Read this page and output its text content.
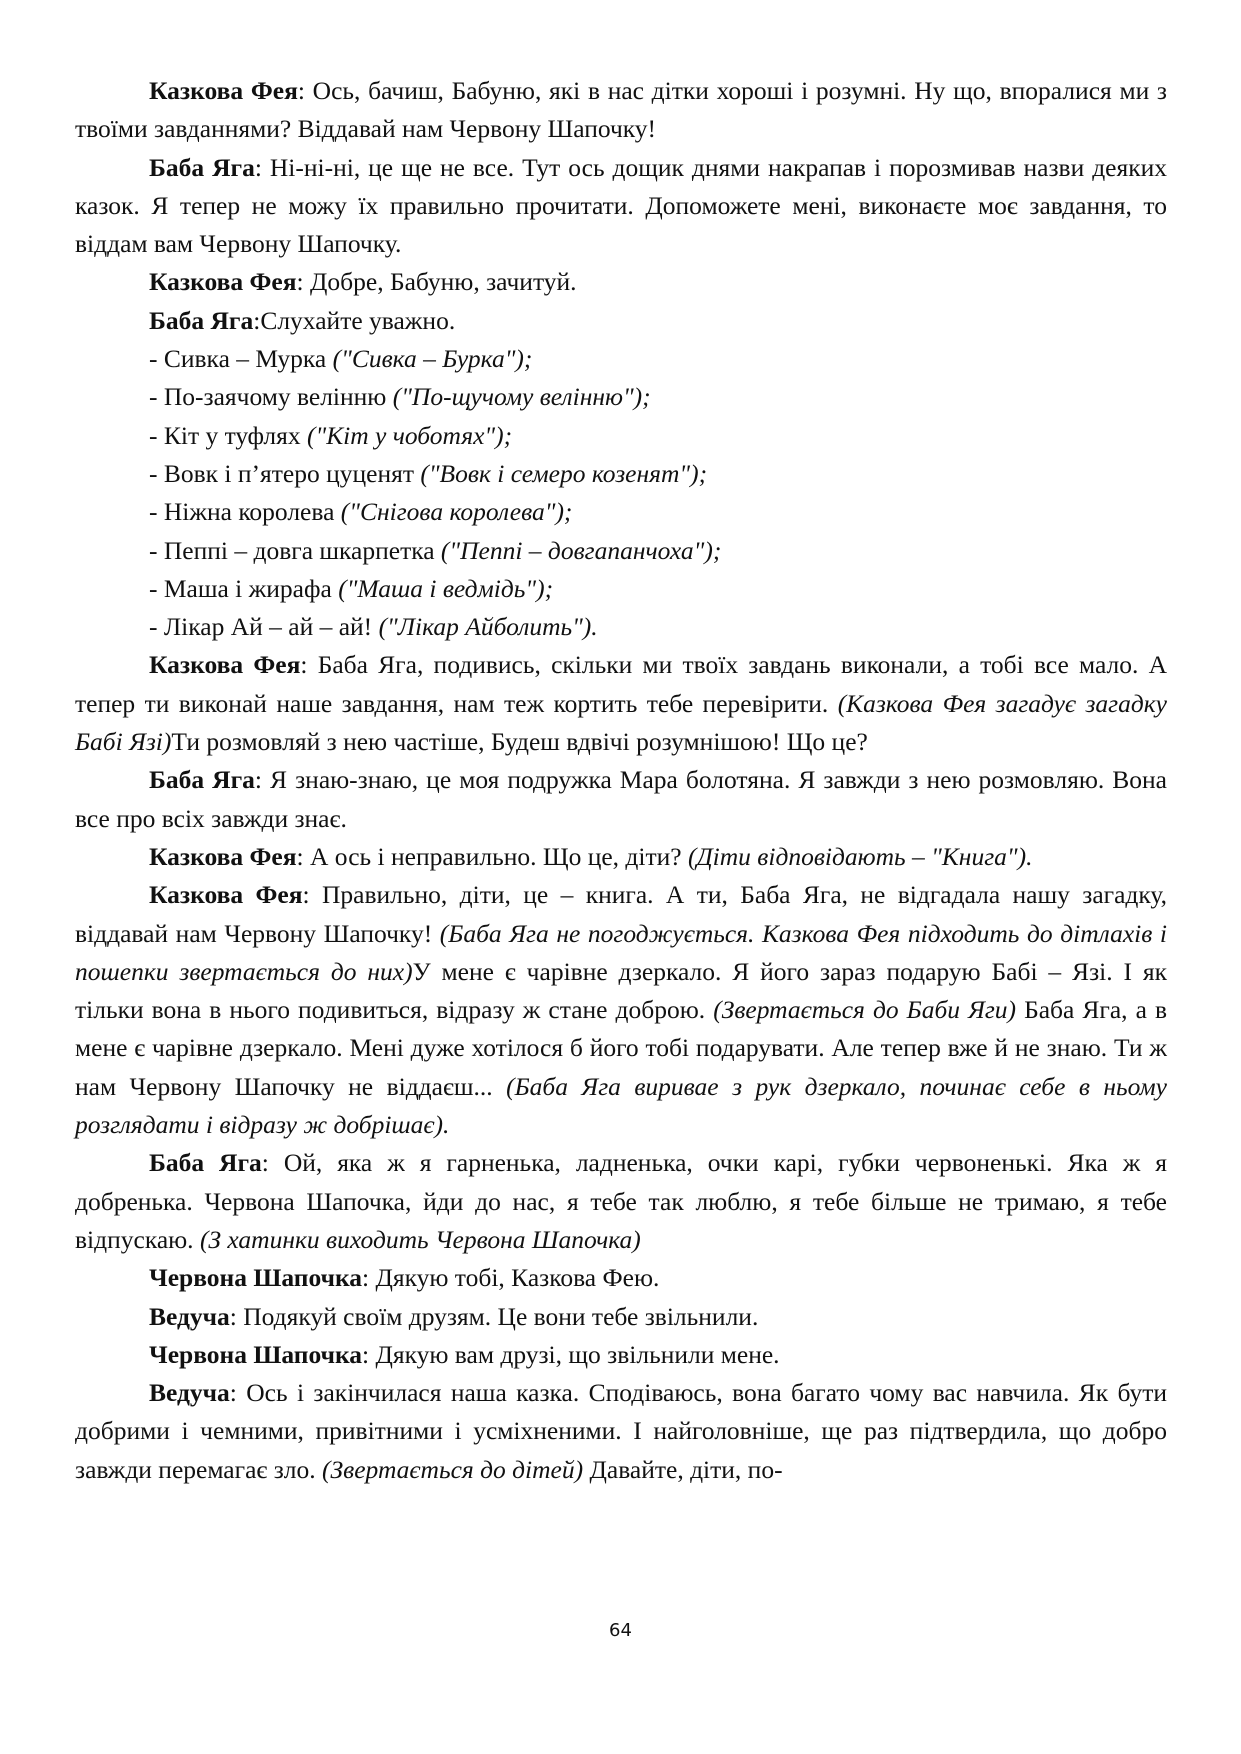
Казкова Фея: Ось, бачиш, Бабуню, які в нас дітки хороші і розумні. Ну що, впоралися ми з твоїми завданнями? Віддавай нам Червону Шапочку!

Баба Яга: Ні-ні-ні, це ще не все. Тут ось дощик днями накрапав і порозмивав назви деяких казок. Я тепер не можу їх правильно прочитати. Допоможете мені, виконаєте моє завдання, то віддам вам Червону Шапочку.

Казкова Фея: Добре, Бабуню, зачитуй.

Баба Яга:Слухайте уважно.

- Сивка – Мурка ("Сивка – Бурка");

- По-заячому велінню ("По-щучому велінню");

- Кіт у туфлях ("Кіт у чоботях");

- Вовк і п’ятеро цуценят ("Вовк і семеро козенят");

- Ніжна королева ("Снігова королева");

- Пеппі – довга шкарпетка ("Пеппі – довгапанчоха");

- Маша і жирафа ("Маша і ведмідь");

- Лікар Ай – ай – ай! ("Лікар Айболить").

Казкова Фея: Баба Яга, подивись, скільки ми твоїх завдань виконали, а тобі все мало. А тепер ти виконай наше завдання, нам теж кортить тебе перевірити. (Казкова Фея загадує загадку Бабі Язі)Ти розмовляй з нею частіше, Будеш вдвічі розумнішою! Що це?

Баба Яга: Я знаю-знаю, це моя подружка Мара болотяна. Я завжди з нею розмовляю. Вона все про всіх завжди знає.

Казкова Фея: А ось і неправильно. Що це, діти? (Діти відповідають – "Книга").

Казкова Фея: Правильно, діти, це – книга. А ти, Баба Яга, не відгадала нашу загадку, віддавай нам Червону Шапочку! (Баба Яга не погоджується. Казкова Фея підходить до дітлахів і пошепки звертається до них)У мене є чарівне дзеркало. Я його зараз подарую Бабі – Язі. І як тільки вона в нього подивиться, відразу ж стане доброю. (Звертається до Баби Яги) Баба Яга, а в мене є чарівне дзеркало. Мені дуже хотілося б його тобі подарувати. Але тепер вже й не знаю. Ти ж нам Червону Шапочку не віддаєш... (Баба Яга виривае з рук дзеркало, починає себе в ньому розглядати і відразу ж добрішає).

Баба Яга: Ой, яка ж я гарненька, ладненька, очки карі, губки червоненькі. Яка ж я добренька. Червона Шапочка, йди до нас, я тебе так люблю, я тебе більше не тримаю, я тебе відпускаю. (З хатинки виходить Червона Шапочка)

Червона Шапочка: Дякую тобі, Казкова Фею.

Ведуча: Подякуй своїм друзям. Це вони тебе звільнили.

Червона Шапочка: Дякую вам друзі, що звільнили мене.

Ведуча: Ось і закінчилася наша казка. Сподіваюсь, вона багато чому вас навчила. Як бути добрими і чемними, привітними і усміхненими. І найголовніше, ще раз підтвердила, що добро завжди перемагає зло. (Звертається до дітей) Давайте, діти, по-

64
